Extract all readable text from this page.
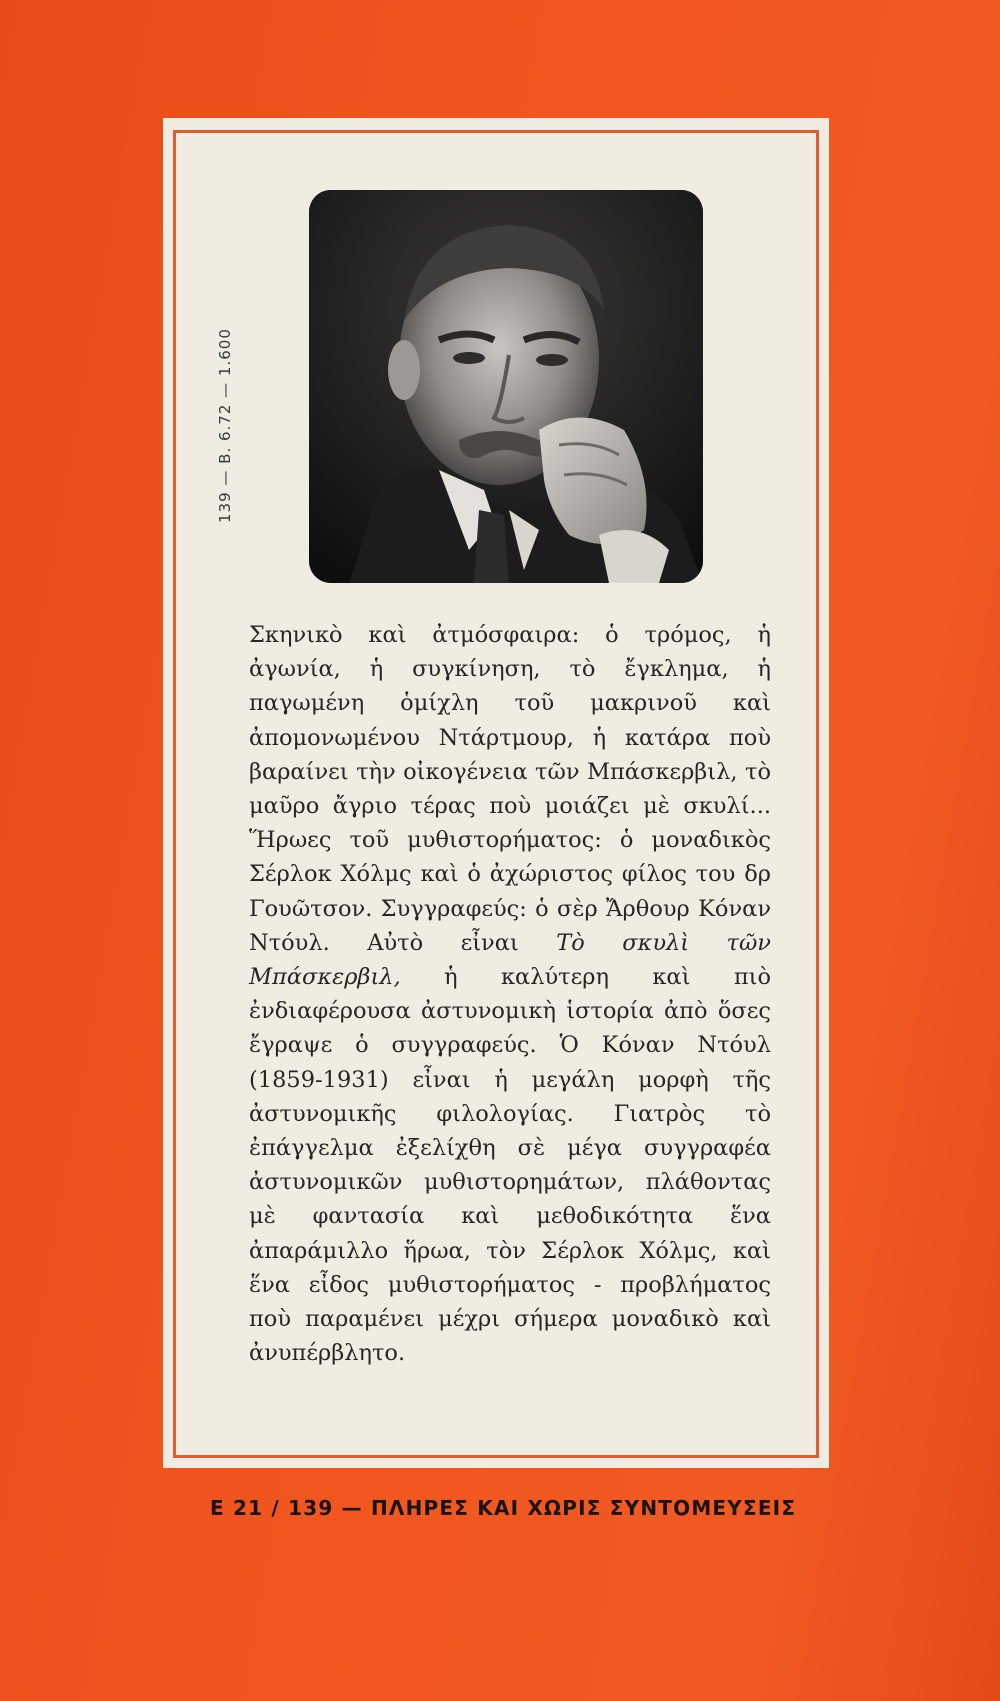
139 — Β. 6.72 — 1.600
Σκηνικὸ καὶ ἀτμόσφαιρα: ὁ τρόμος, ἡ ἀγωνία, ἡ συγκίνηση, τὸ ἔγκλημα, ἡ παγωμένη ὁμίχλη τοῦ μακρινοῦ καὶ ἀπομονωμένου Ντάρτμουρ, ἡ κατάρα ποὺ βαραίνει τὴν οἰκογένεια τῶν Μπάσκερβιλ, τὸ μαῦρο ἄγριο τέρας ποὺ μοιάζει μὲ σκυλί... Ἥρωες τοῦ μυθιστορήματος: ὁ μοναδικὸς Σέρλοκ Χόλμς καὶ ὁ ἀχώριστος φίλος του δρ Γουῶτσον. Συγγραφεύς: ὁ σὲρ Ἄρθουρ Κόναν Ντόυλ. Αὐτὸ εἶναι Τὸ σκυλὶ τῶν Μπάσκερβιλ, ἡ καλύτερη καὶ πιὸ ἐνδιαφέρουσα ἀστυνομικὴ ἱστορία ἀπὸ ὅσες ἔγραψε ὁ συγγραφεύς. Ὁ Κόναν Ντόυλ (1859-1931) εἶναι ἡ μεγάλη μορφὴ τῆς ἀστυνομικῆς φιλολογίας. Γιατρὸς τὸ ἐπάγγελμα ἐξελίχθη σὲ μέγα συγγραφέα ἀστυνομικῶν μυθιστορημάτων, πλάθοντας μὲ φαντασία καὶ μεθοδικότητα ἕνα ἀπαράμιλλο ἥρωα, τὸν Σέρλοκ Χόλμς, καὶ ἕνα εἶδος μυθιστορήματος - προβλήματος ποὺ παραμένει μέχρι σήμερα μοναδικὸ καὶ ἀνυπέρβλητο.
Ε 21 / 139 — ΠΛΗΡΕΣ ΚΑΙ ΧΩΡΙΣ ΣΥΝΤΟΜΕΥΣΕΙΣ
